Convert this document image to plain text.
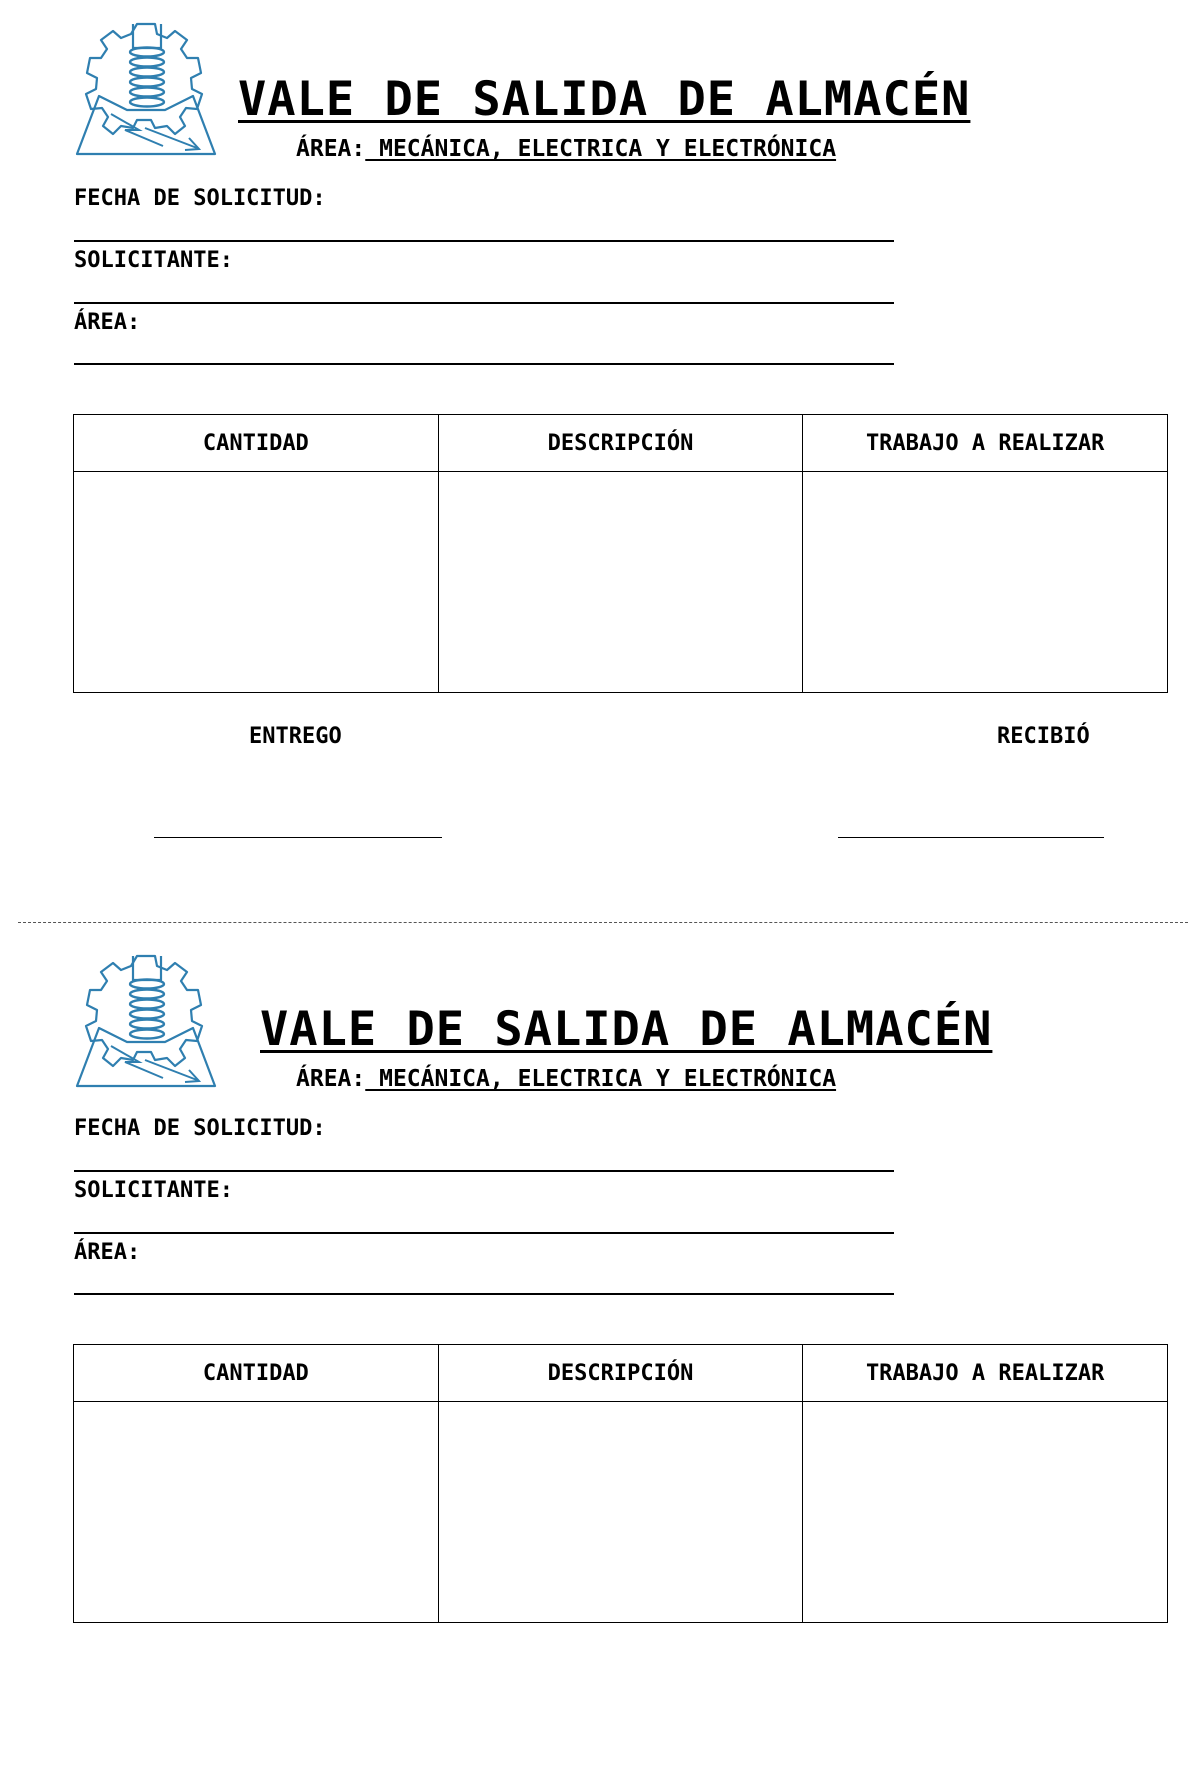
VALE DE SALIDA DE ALMACÉN
ÁREA: MECÁNICA, ELECTRICA Y ELECTRÓNICA
FECHA DE SOLICITUD:
SOLICITANTE:
ÁREA:
CANTIDAD	DESCRIPCIÓN	TRABAJO A REALIZAR

ENTREGO	RECIBIÓ
VALE DE SALIDA DE ALMACÉN
ÁREA: MECÁNICA, ELECTRICA Y ELECTRÓNICA
FECHA DE SOLICITUD:
SOLICITANTE:
ÁREA:
CANTIDAD	DESCRIPCIÓN	TRABAJO A REALIZAR
